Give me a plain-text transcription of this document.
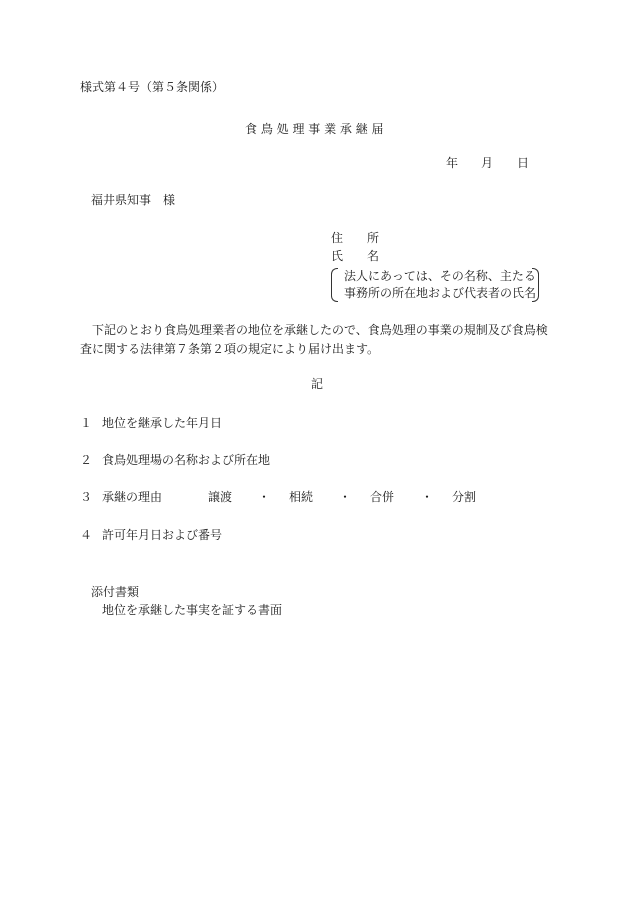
様式第４号（第５条関係）
食 鳥 処 理 事 業 承 継 届
年 月 日
福井県知事　様
住　　所
氏　　名
法人にあっては、その名称、主たる
事務所の所在地および代表者の氏名
下記のとおり食鳥処理業者の地位を承継したので、食鳥処理の事業の規制及び食鳥検査に関する法律第７条第２項の規定により届け出ます。
記
１ 地位を継承した年月日
２ 食鳥処理場の名称および所在地
３ 承継の理由	譲渡 ・ 相続 ・ 合併 ・ 分割
４ 許可年月日および番号
添付書類
地位を承継した事実を証する書面
